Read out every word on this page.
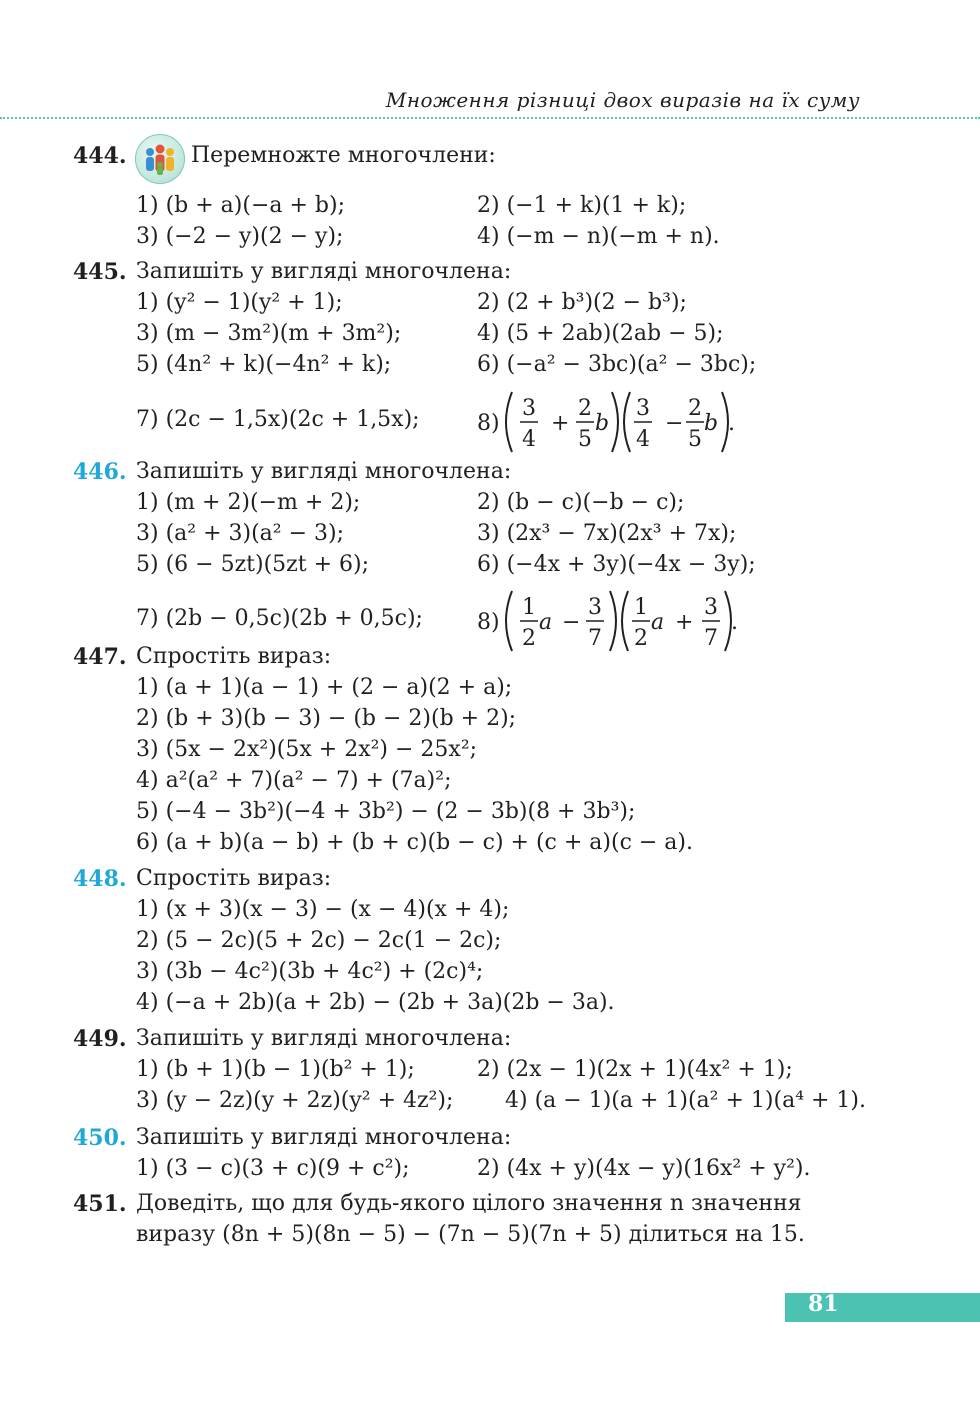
Множення різниці двох виразів на їх суму
444.	Перемножте многочлени:
1) (b + a)(−a + b);	2) (−1 + k)(1 + k);
3) (−2 − y)(2 − y);	4) (−m − n)(−m + n).
445. Запишіть у вигляді многочлена:
1) (y² − 1)(y² + 1);	2) (2 + b³)(2 − b³);
3) (m − 3m²)(m + 3m²);	4) (5 + 2ab)(2ab − 5);
5) (4n² + k)(−4n² + k);	6) (−a² − 3bc)(a² − 3bc);
7) (2c − 1,5x)(2c + 1,5x);	8)
3
4
+
2
5
b
3
4
−
2
5
b .
446. Запишіть у вигляді многочлена:
1) (m + 2)(−m + 2);	2) (b − c)(−b − c);
3) (a² + 3)(a² − 3);	3) (2x³ − 7x)(2x³ + 7x);
5) (6 − 5zt)(5zt + 6);	6) (−4x + 3y)(−4x − 3y);
7) (2b − 0,5c)(2b + 0,5c); 8)
1
2
a −
3
7
1
2
a +
3
7
.
447. Спростіть вираз:
1) (a + 1)(a − 1) + (2 − a)(2 + a);
2) (b + 3)(b − 3) − (b − 2)(b + 2);
3) (5x − 2x²)(5x + 2x²) − 25x²;
4) a²(a² + 7)(a² − 7) + (7a)²;
5) (−4 − 3b²)(−4 + 3b²) − (2 − 3b)(8 + 3b³);
6) (a + b)(a − b) + (b + c)(b − c) + (c + a)(c − a).
448. Спростіть вираз:
1) (x + 3)(x − 3) − (x − 4)(x + 4);
2) (5 − 2c)(5 + 2c) − 2c(1 − 2c);
3) (3b − 4c²)(3b + 4c²) + (2c)⁴;
4) (−a + 2b)(a + 2b) − (2b + 3a)(2b − 3a).
449. Запишіть у вигляді многочлена:
1) (b + 1)(b − 1)(b² + 1);	2) (2x − 1)(2x + 1)(4x² + 1);
3) (y − 2z)(y + 2z)(y² + 4z²); 4) (a − 1)(a + 1)(a² + 1)(a⁴ + 1).
450. Запишіть у вигляді многочлена:
1) (3 − c)(3 + c)(9 + c²);	2) (4x + y)(4x − y)(16x² + y²).
451. Доведіть, що для будь-якого цілого значення n значення
виразу (8n + 5)(8n − 5) − (7n − 5)(7n + 5) ділиться на 15.
81
